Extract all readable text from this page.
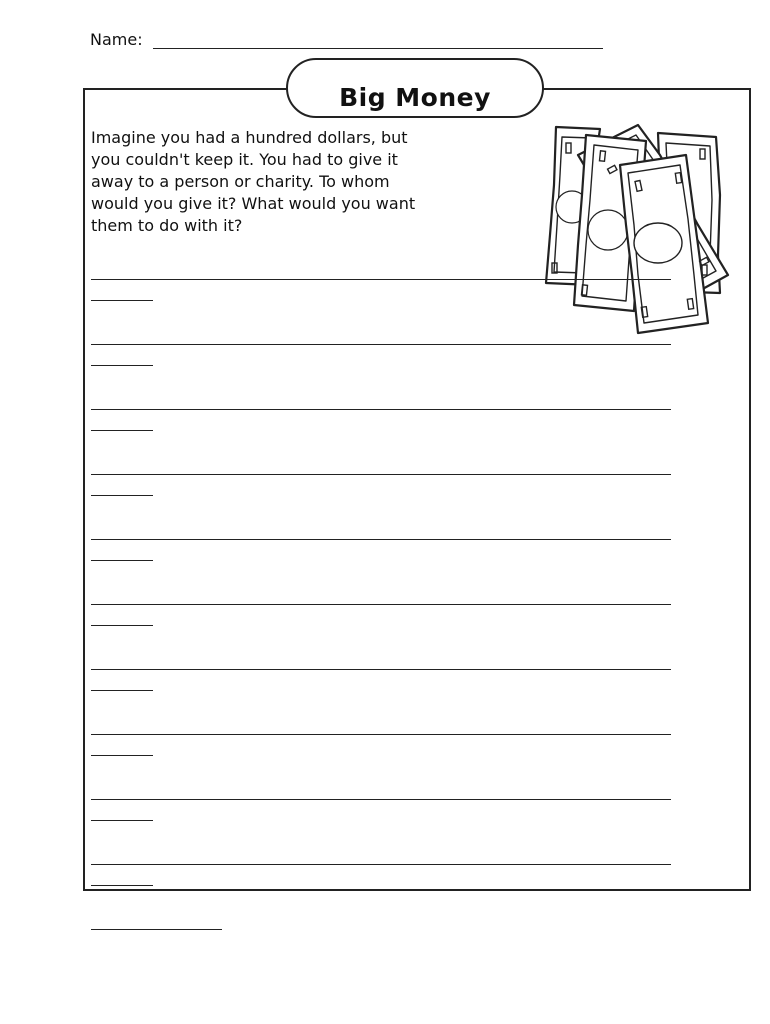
Name:
Big Money

Imagine you had a hundred dollars, but you couldn't keep it. You had to give it away to a person or charity. To whom would you give it? What would you want them to do with it?
